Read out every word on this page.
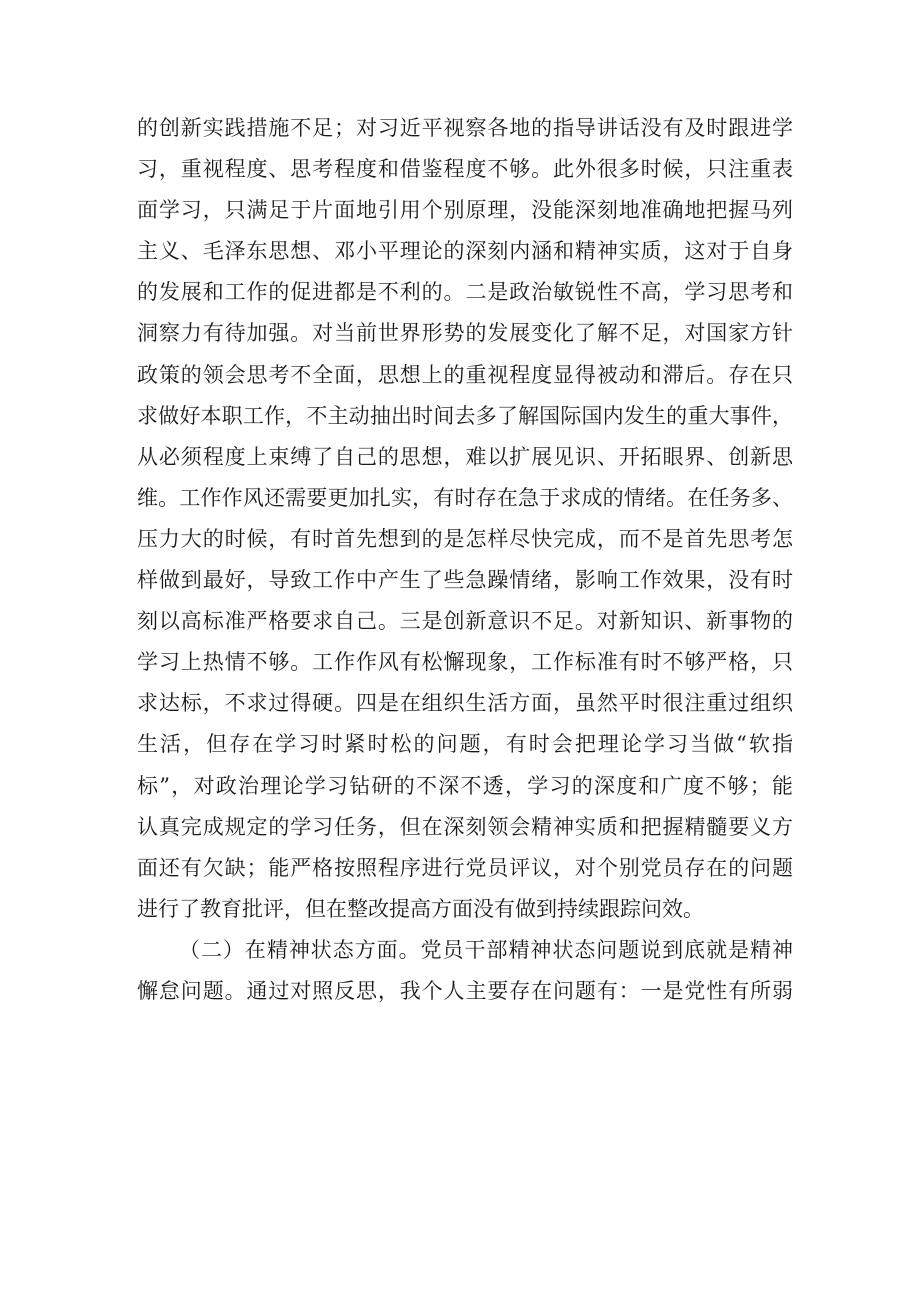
的创新实践措施不足；对习近平视察各地的指导讲话没有及时跟进学
习，重视程度、思考程度和借鉴程度不够。此外很多时候，只注重表
面学习，只满足于片面地引用个别原理，没能深刻地准确地把握马列
主义、毛泽东思想、邓小平理论的深刻内涵和精神实质，这对于自身
的发展和工作的促进都是不利的。二是政治敏锐性不高，学习思考和
洞察力有待加强。对当前世界形势的发展变化了解不足，对国家方针
政策的领会思考不全面，思想上的重视程度显得被动和滞后。存在只
求做好本职工作，不主动抽出时间去多了解国际国内发生的重大事件，
从必须程度上束缚了自己的思想，难以扩展见识、开拓眼界、创新思
维。工作作风还需要更加扎实，有时存在急于求成的情绪。在任务多、
压力大的时候，有时首先想到的是怎样尽快完成，而不是首先思考怎
样做到最好，导致工作中产生了些急躁情绪，影响工作效果，没有时
刻以高标准严格要求自己。三是创新意识不足。对新知识、新事物的
学习上热情不够。工作作风有松懈现象，工作标准有时不够严格，只
求达标，不求过得硬。四是在组织生活方面，虽然平时很注重过组织
生活，但存在学习时紧时松的问题，有时会把理论学习当做“软指
标”，对政治理论学习钻研的不深不透，学习的深度和广度不够；能
认真完成规定的学习任务，但在深刻领会精神实质和把握精髓要义方
面还有欠缺；能严格按照程序进行党员评议，对个别党员存在的问题
进行了教育批评，但在整改提高方面没有做到持续跟踪问效。
（二）在精神状态方面。党员干部精神状态问题说到底就是精神
懈怠问题。通过对照反思，我个人主要存在问题有：一是党性有所弱
